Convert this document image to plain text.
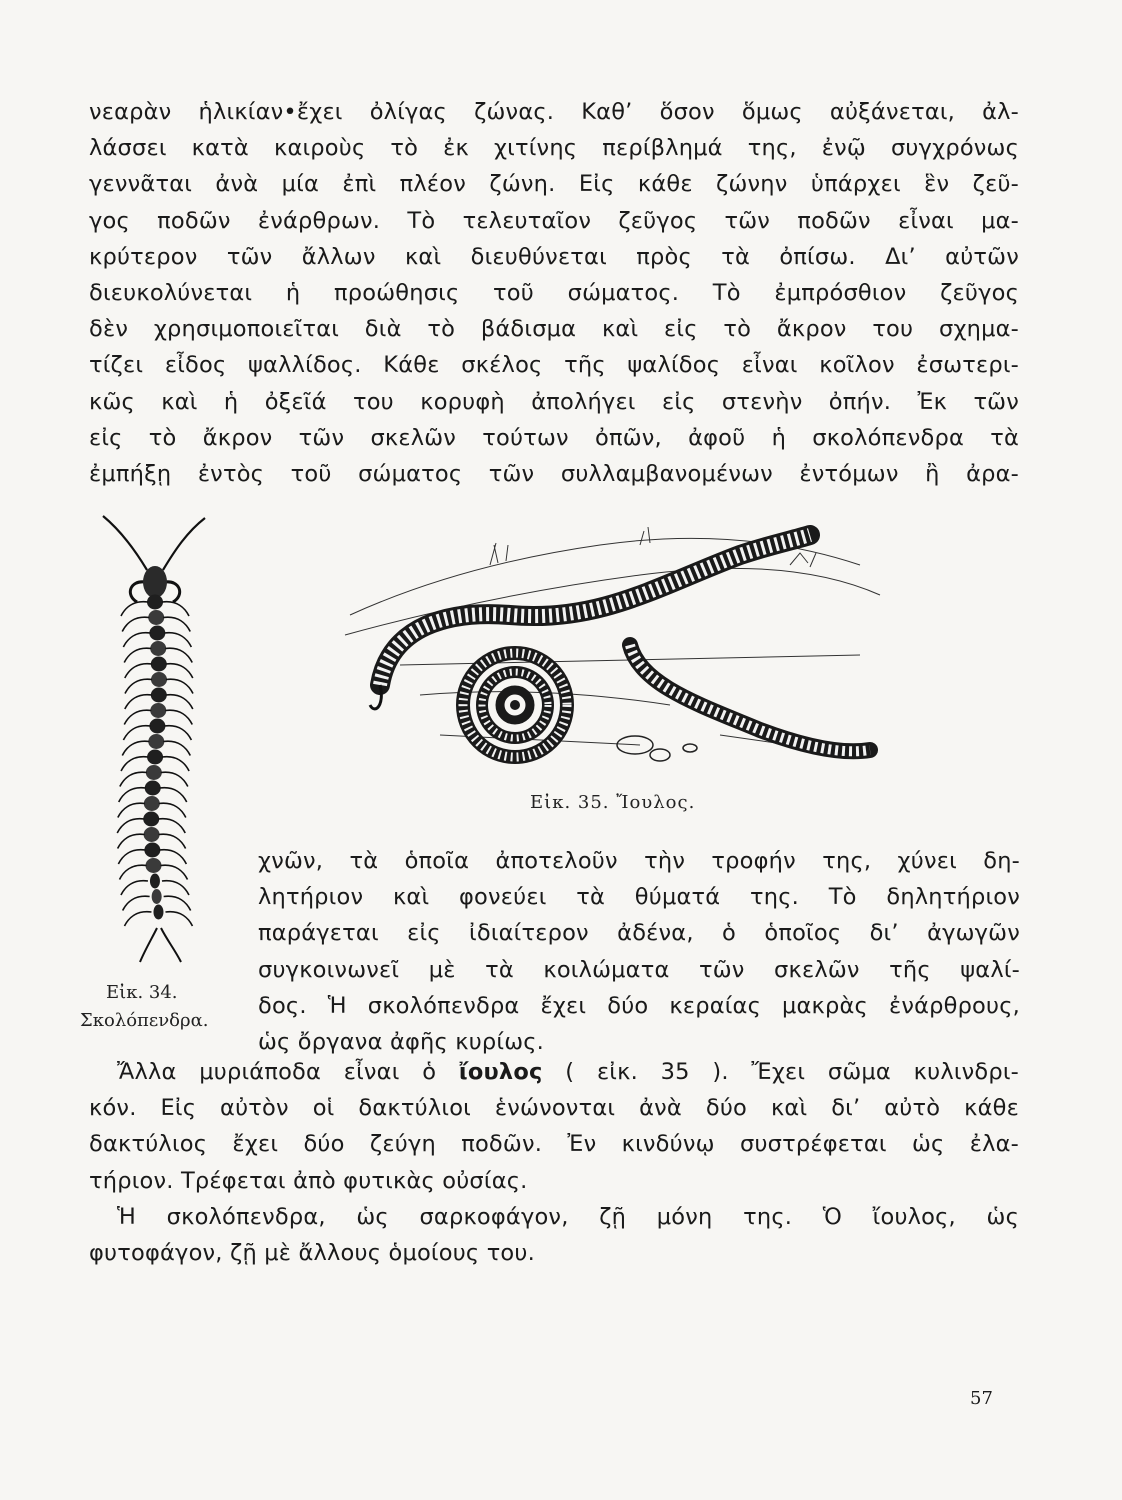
νεαρὰν ἡλικίαν•ἔχει ὀλίγας ζώνας. Καθ’ ὅσον ὅμως αὐξάνεται, ἀλ-
λάσσει κατὰ καιροὺς τὸ ἐκ χιτίνης περίβλημά της, ἐνῷ συγχρόνως
γεννᾶται ἀνὰ μία ἐπὶ πλέον ζώνη. Εἰς κάθε ζώνην ὑπάρχει ἓν ζεῦ-
γος ποδῶν ἐνάρθρων. Τὸ τελευταῖον ζεῦγος τῶν ποδῶν εἶναι μα-
κρύτερον τῶν ἄλλων καὶ διευθύνεται πρὸς τὰ ὀπίσω. Δι’ αὐτῶν
διευκολύνεται ἡ προώθησις τοῦ σώματος. Τὸ ἐμπρόσθιον ζεῦγος
δὲν χρησιμοποιεῖται διὰ τὸ βάδισμα καὶ εἰς τὸ ἄκρον του σχημα-
τίζει εἶδος ψαλλίδος. Κάθε σκέλος τῆς ψαλίδος εἶναι κοῖλον ἐσωτερι-
κῶς καὶ ἡ ὀξεῖά του κορυφὴ ἀπολήγει εἰς στενὴν ὀπήν. Ἐκ τῶν
εἰς τὸ ἄκρον τῶν σκελῶν τούτων ὀπῶν, ἀφοῦ ἡ σκολόπενδρα τὰ
ἐμπήξῃ ἐντὸς τοῦ σώματος τῶν συλλαμβανομένων ἐντόμων ἢ ἀρα-
Εἰκ. 35. Ἴουλος.
Εἰκ. 34.
Σκολόπενδρα.
χνῶν, τὰ ὁποῖα ἀποτελοῦν τὴν τροφήν της, χύνει δη-
λητήριον καὶ φονεύει τὰ θύματά της. Τὸ δηλητήριον
παράγεται εἰς ἰδιαίτερον ἀδένα, ὁ ὁποῖος δι’ ἀγωγῶν
συγκοινωνεῖ μὲ τὰ κοιλώματα τῶν σκελῶν τῆς ψαλί-
δος. Ἡ σκολόπενδρα ἔχει δύο κεραίας μακρὰς ἐνάρθρους,
ὡς ὄργανα ἀφῆς κυρίως.
Ἄλλα μυριάποδα εἶναι ὁ ἴουλος ( εἰκ. 35 ). Ἔχει σῶμα κυλινδρι-
κόν. Εἰς αὐτὸν οἱ δακτύλιοι ἑνώνονται ἀνὰ δύο καὶ δι’ αὐτὸ κάθε
δακτύλιος ἔχει δύο ζεύγη ποδῶν. Ἐν κινδύνῳ συστρέφεται ὡς ἐλα-
τήριον. Τρέφεται ἀπὸ φυτικὰς οὐσίας.
Ἡ σκολόπενδρα, ὡς σαρκοφάγον, ζῇ μόνη της. Ὁ ἴουλος, ὡς
φυτοφάγον, ζῇ μὲ ἄλλους ὁμοίους του.
57
